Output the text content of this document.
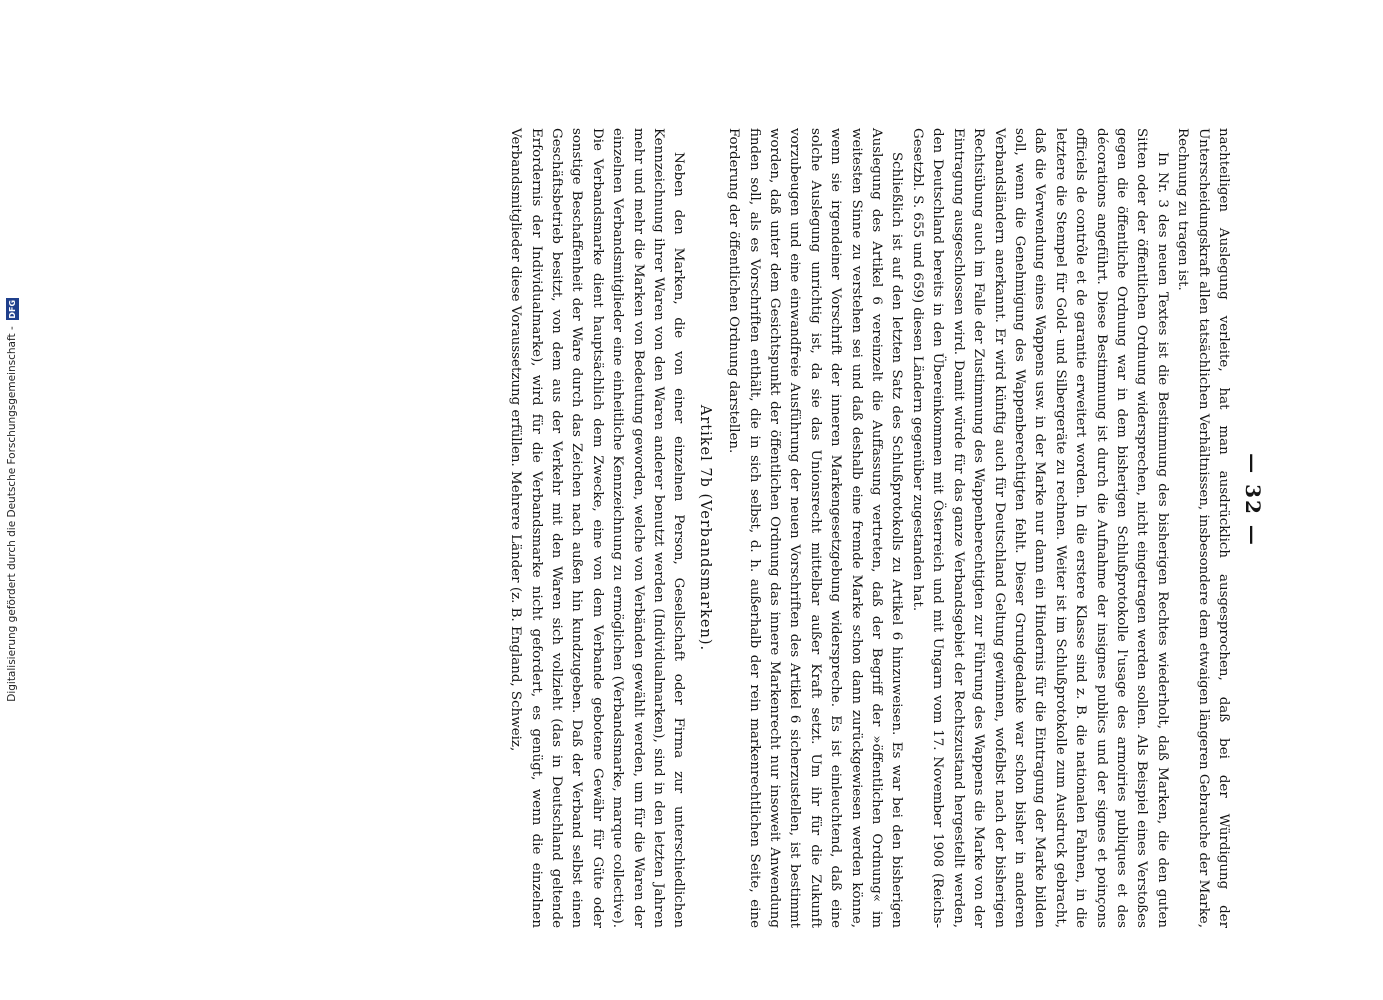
— 32 —

nachteiligen Auslegung verleite, hat man ausdrücklich ausgesprochen, daß bei der Würdigung der Unterscheidungskraft allen tatsächlichen Verhältnissen, insbesondere dem etwaigen längeren Gebrauche der Marke, Rechnung zu tragen ist.

In Nr. 3 des neuen Textes ist die Bestimmung des bisherigen Rechtes wiederholt, daß Marken, die den guten Sitten oder der öffentlichen Ordnung widersprechen, nicht eingetragen werden sollen. Als Beispiel eines Verstoßes gegen die öffentliche Ordnung war in dem bisherigen Schlußprotokolle l'usage des armoiries publiques et des décorations angeführt. Diese Bestimmung ist durch die Aufnahme der insignes publics und der signes et poinçons officiels de contrôle et de garantie erweitert worden. In die erstere Klasse sind z. B. die nationalen Fahnen, in die letztere die Stempel für Gold- und Silbergeräte zu rechnen. Weiter ist im Schlußprotokolle zum Ausdruck gebracht, daß die Verwendung eines Wappens usw. in der Marke nur dann ein Hindernis für die Eintragung der Marke bilden soll, wenn die Genehmigung des Wappenberechtigten fehlt. Dieser Grundgedanke war schon bisher in anderen Verbandsländern anerkannt. Er wird künftig auch für Deutschland Geltung gewinnen, wofelbst nach der bisherigen Rechtsübung auch im Falle der Zustimmung des Wappenberechtigten zur Führung des Wappens die Marke von der Eintragung ausgeschlossen wird. Damit würde für das ganze Verbandsgebiet der Rechtszustand hergestellt werden, den Deutschland bereits in den Übereinkommen mit Österreich und mit Ungarn vom 17. November 1908 (Reichs-Gesetzbl. S. 655 und 659) diesen Ländern gegenüber zugestanden hat.

Schließlich ist auf den letzten Satz des Schlußprotokolls zu Artikel 6 hinzuweisen. Es war bei den bisherigen Auslegung des Artikel 6 vereinzelt die Auffassung vertreten, daß der Begriff der »öffentlichen Ordnung« im weitesten Sinne zu verstehen sei und daß deshalb eine fremde Marke schon dann zurückgewiesen werden könne, wenn sie irgendeiner Vorschrift der inneren Markengesetzgebung widerspreche. Es ist einleuchtend, daß eine solche Auslegung unrichtig ist, da sie das Unionsrecht mittelbar außer Kraft setzt. Um ihr für die Zukunft vorzubeugen und eine einwandfreie Ausführung der neuen Vorschriften des Artikel 6 sicherzustellen, ist bestimmt worden, daß unter dem Gesichtspunkt der öffentlichen Ordnung das innere Markenrecht nur insoweit Anwendung finden soll, als es Vorschriften enthält, die in sich selbst, d. h. außerhalb der rein markenrechtlichen Seite, eine Forderung der öffentlichen Ordnung darstellen.

Artikel 7b (Verbandsmarken).

Neben den Marken, die von einer einzelnen Person, Gesellschaft oder Firma zur unterschiedlichen Kennzeichnung ihrer Waren von den Waren anderer benutzt werden (Individualmarken), sind in den letzten Jahren mehr und mehr die Marken von Bedeutung geworden, welche von Verbänden gewählt werden, um für die Waren der einzelnen Verbandsmitglieder eine einheitliche Kennzeichnung zu ermöglichen (Verbandsmarke, marque collective). Die Verbandsmarke dient hauptsächlich dem Zwecke, eine von dem Verbande gebotene Gewähr für Güte oder sonstige Beschaffenheit der Ware durch das Zeichen nach außen hin kundzugeben. Daß der Verband selbst einen Geschäftsbetrieb besitzt, von dem aus der Verkehr mit den Waren sich vollzieht (das in Deutschland geltende Erfordernis der Individualmarke), wird für die Verbandsmarke nicht gefordert, es genügt, wenn die einzelnen Verbandsmitglieder diese Voraussetzung erfüllen. Mehrere Länder (z. B. England, Schweiz,

Digitalisierung gefördert durch die Deutsche Forschungsgemeinschaft -
DFG
